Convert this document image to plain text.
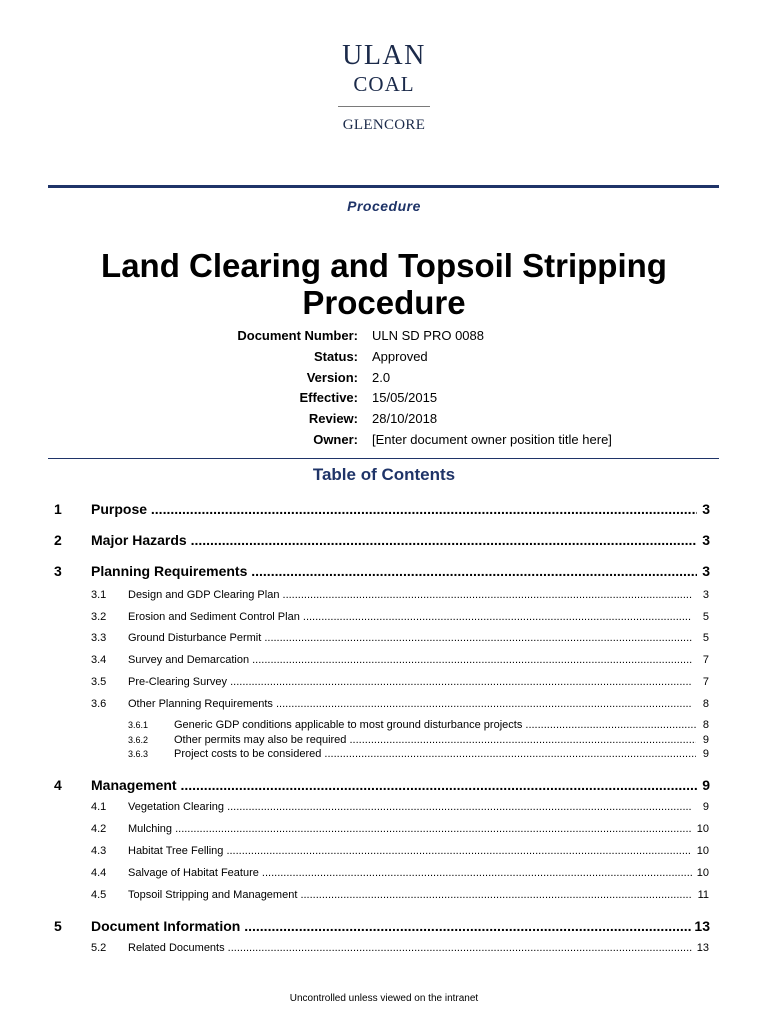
ULAN
COAL
GLENCORE
Procedure
Land Clearing and Topsoil Stripping Procedure
Document Number: ULN SD PRO 0088
Status: Approved
Version: 2.0
Effective: 15/05/2015
Review: 28/10/2018
Owner: [Enter document owner position title here]
Table of Contents
1 Purpose .....	3
2 Major Hazards .....	3
3 Planning Requirements .....	3
3.1 Design and GDP Clearing Plan .....	3
3.2 Erosion and Sediment Control Plan .....	5
3.3 Ground Disturbance Permit .....	5
3.4 Survey and Demarcation .....	7
3.5 Pre-Clearing Survey .....	7
3.6 Other Planning Requirements .....	8
3.6.1 Generic GDP conditions applicable to most ground disturbance projects .....	8
3.6.2 Other permits may also be required .....	9
3.6.3 Project costs to be considered .....	9
4 Management .....	9
4.1 Vegetation Clearing .....	9
4.2 Mulching .....	10
4.3 Habitat Tree Felling .....	10
4.4 Salvage of Habitat Feature .....	10
4.5 Topsoil Stripping and Management .....	11
5 Document Information .....	13
5.2 Related Documents .....	13
Uncontrolled unless viewed on the intranet
